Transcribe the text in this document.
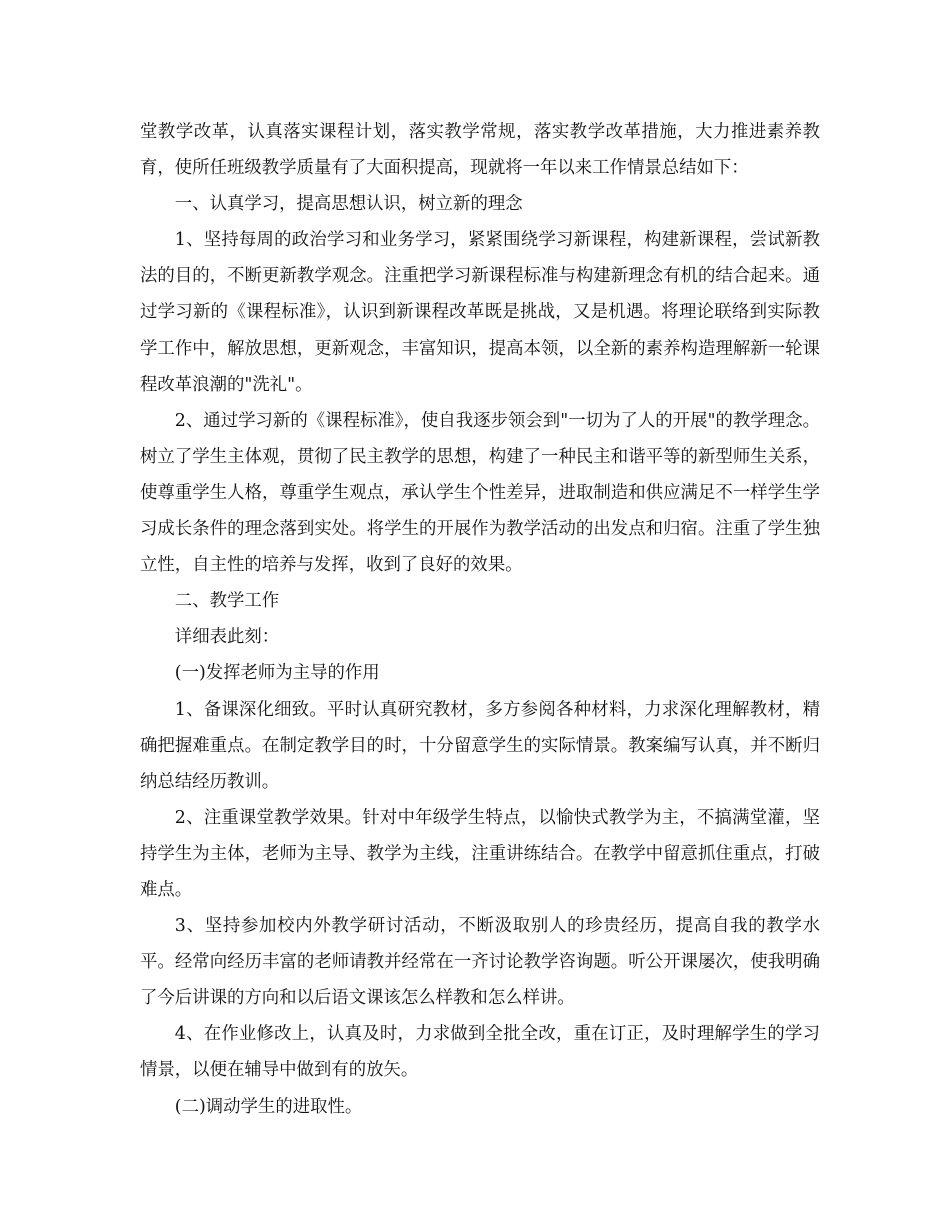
堂教学改革，认真落实课程计划，落实教学常规，落实教学改革措施，大力推进素养教育，使所任班级教学质量有了大面积提高，现就将一年以来工作情景总结如下：

一、认真学习，提高思想认识，树立新的理念

1、坚持每周的政治学习和业务学习，紧紧围绕学习新课程，构建新课程，尝试新教法的目的，不断更新教学观念。注重把学习新课程标准与构建新理念有机的结合起来。通过学习新的《课程标准》，认识到新课程改革既是挑战，又是机遇。将理论联络到实际教学工作中，解放思想，更新观念，丰富知识，提高本领，以全新的素养构造理解新一轮课程改革浪潮的"洗礼"。

2、通过学习新的《课程标准》，使自我逐步领会到"一切为了人的开展"的教学理念。树立了学生主体观，贯彻了民主教学的思想，构建了一种民主和谐平等的新型师生关系，使尊重学生人格，尊重学生观点，承认学生个性差异，进取制造和供应满足不一样学生学习成长条件的理念落到实处。将学生的开展作为教学活动的出发点和归宿。注重了学生独立性，自主性的培养与发挥，收到了良好的效果。

二、教学工作

详细表此刻：

(一)发挥老师为主导的作用

1、备课深化细致。平时认真研究教材，多方参阅各种材料，力求深化理解教材，精确把握难重点。在制定教学目的时，十分留意学生的实际情景。教案编写认真，并不断归纳总结经历教训。

2、注重课堂教学效果。针对中年级学生特点，以愉快式教学为主，不搞满堂灌，坚持学生为主体，老师为主导、教学为主线，注重讲练结合。在教学中留意抓住重点，打破难点。

3、坚持参加校内外教学研讨活动，不断汲取别人的珍贵经历，提高自我的教学水平。经常向经历丰富的老师请教并经常在一齐讨论教学咨询题。听公开课屡次，使我明确了今后讲课的方向和以后语文课该怎么样教和怎么样讲。

4、在作业修改上，认真及时，力求做到全批全改，重在订正，及时理解学生的学习情景，以便在辅导中做到有的放矢。

(二)调动学生的进取性。
